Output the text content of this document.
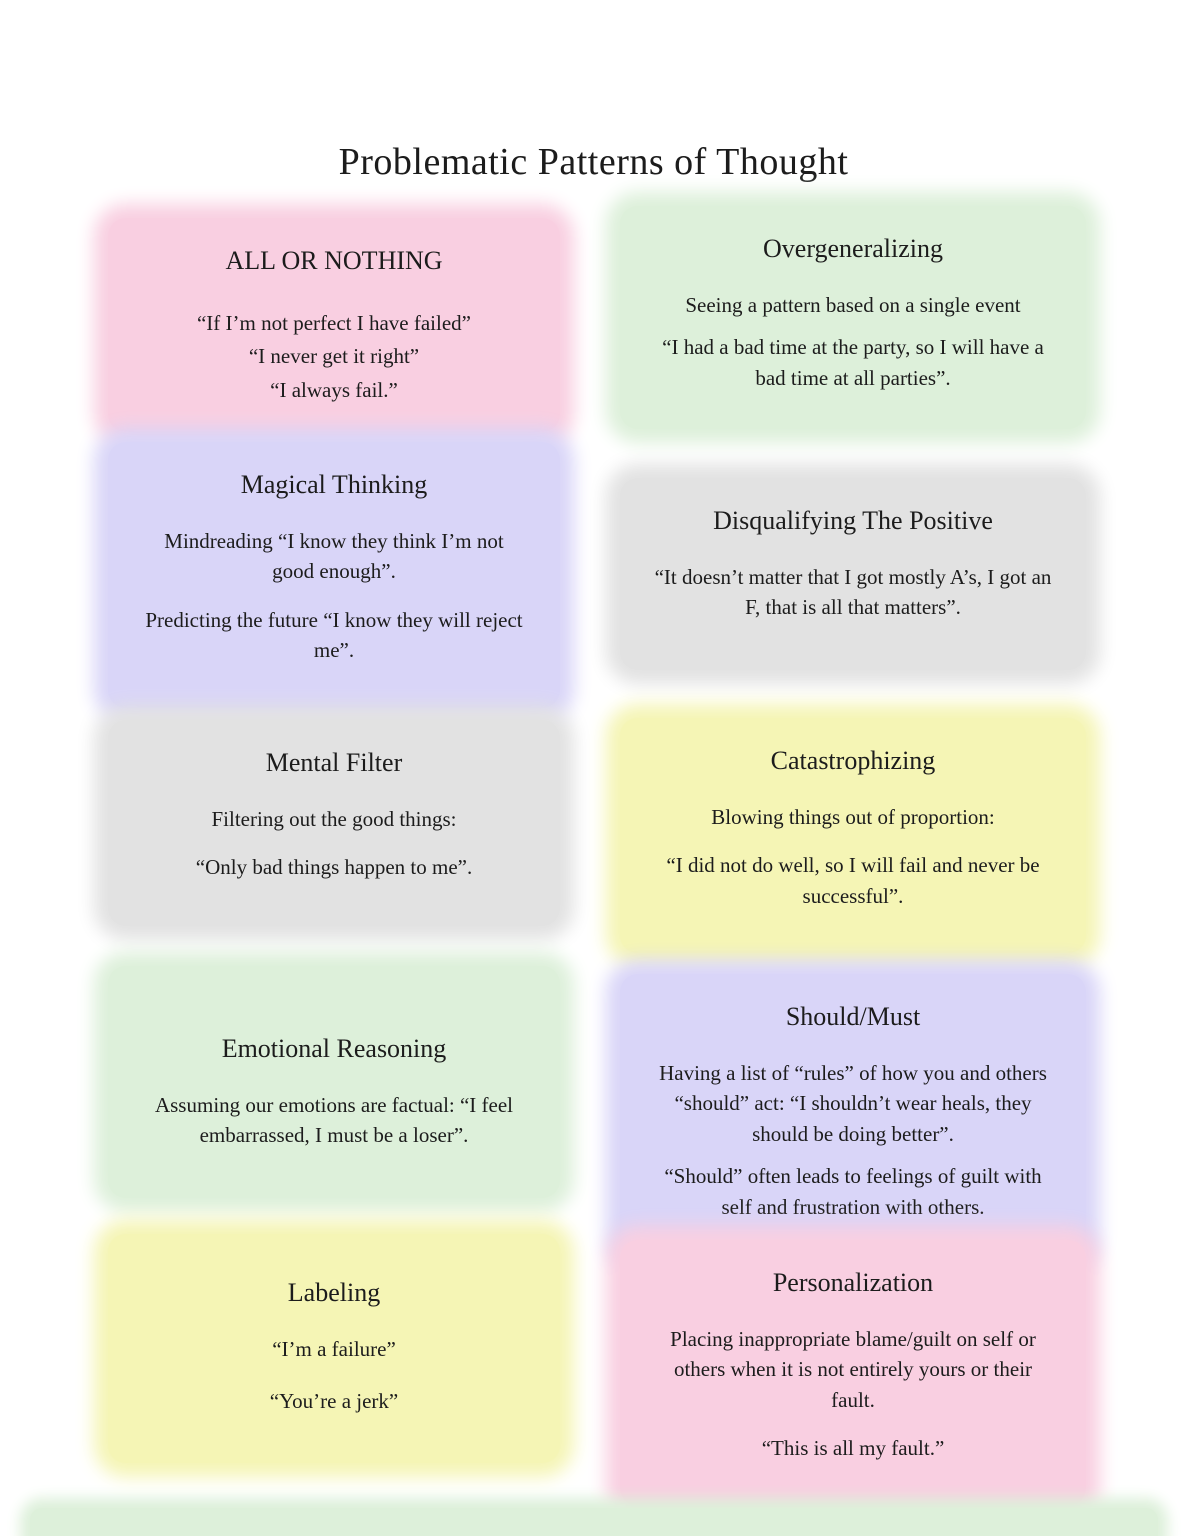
Problematic Patterns of Thought
ALL OR NOTHING

“If I’m not perfect I have failed”

“I never get it right”

“I always fail.”

Overgeneralizing

Seeing a pattern based on a single event

“I had a bad time at the party, so I will have a bad time at all parties”.

Magical Thinking

Mindreading “I know they think I’m not good enough”.

Predicting the future “I know they will reject me”.

Disqualifying The Positive

“It doesn’t matter that I got mostly A’s, I got an F, that is all that matters”.

Mental Filter

Filtering out the good things:

“Only bad things happen to me”.

Catastrophizing

Blowing things out of proportion:

“I did not do well, so I will fail and never be successful”.

Emotional Reasoning

Assuming our emotions are factual: “I feel embarrassed, I must be a loser”.

Should/Must

Having a list of “rules” of how you and others “should” act: “I shouldn’t wear heals, they should be doing better”.

“Should” often leads to feelings of guilt with self and frustration with others.

Labeling

“I’m a failure”

“You’re a jerk”

Personalization

Placing inappropriate blame/guilt on self or others when it is not entirely yours or their fault.

“This is all my fault.”
